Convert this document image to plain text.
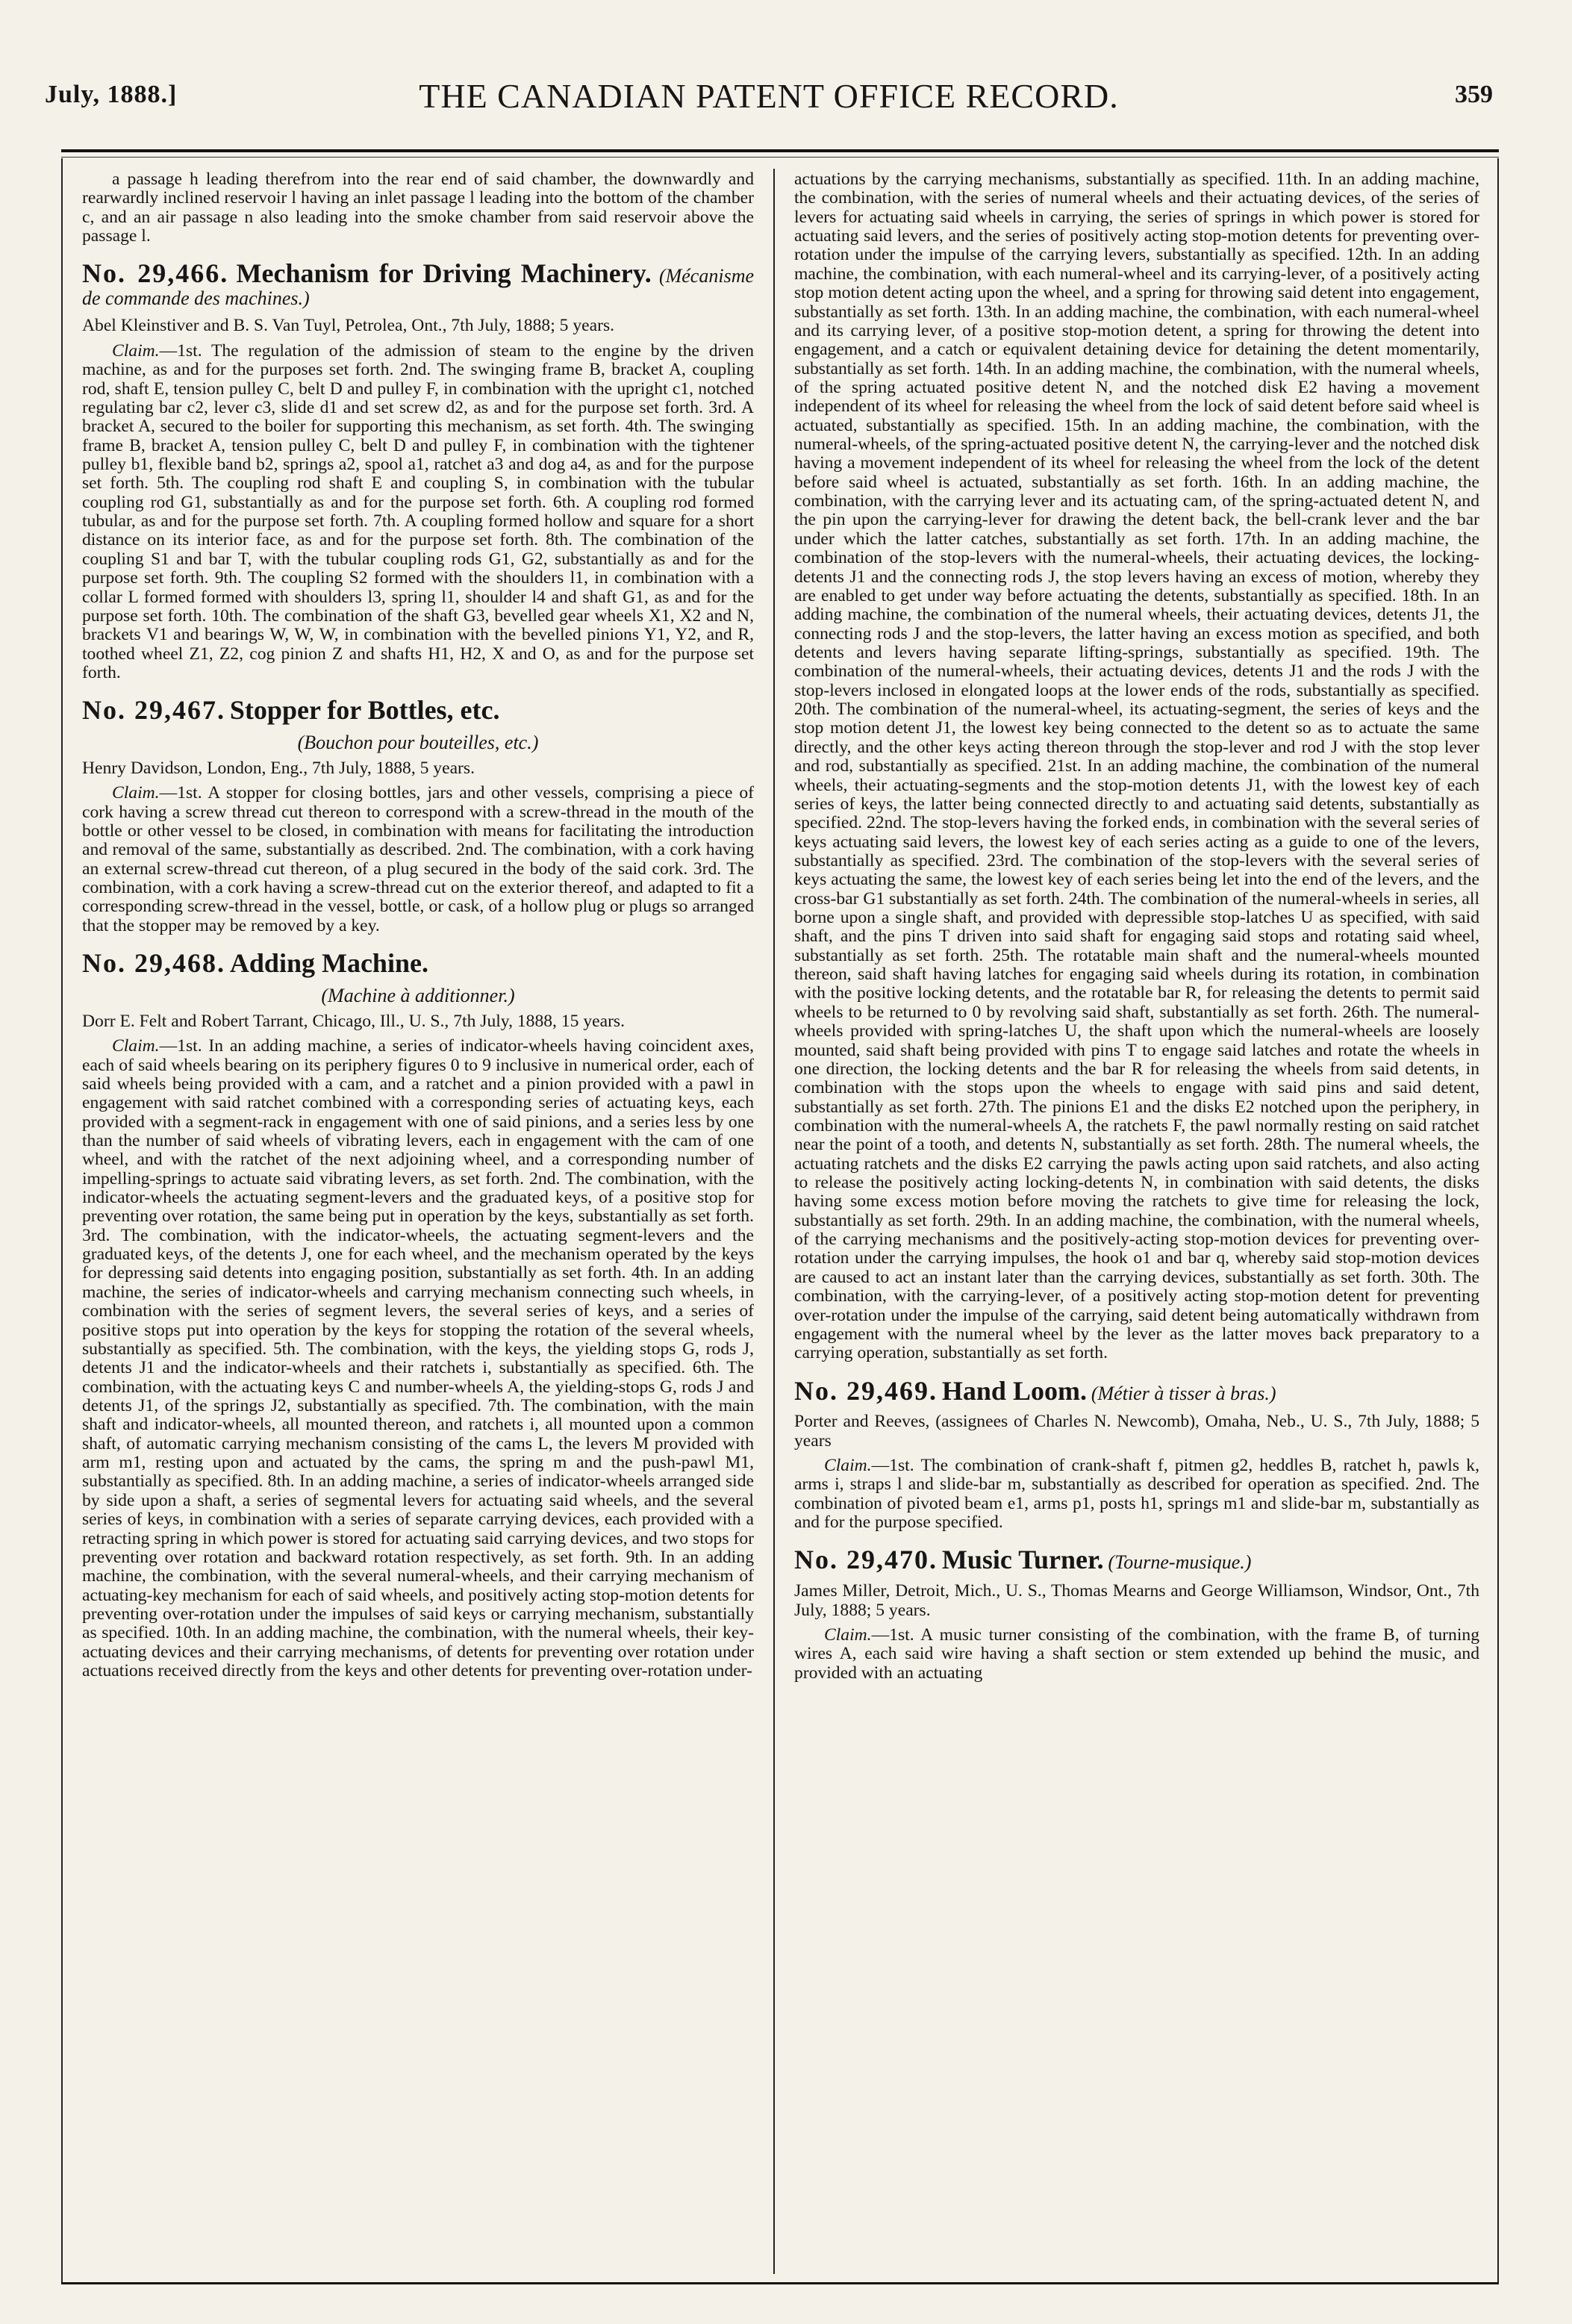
July, 1888.]	THE CANADIAN PATENT OFFICE RECORD.	359

a passage h leading therefrom into the rear end of said chamber, the downwardly and rearwardly inclined reservoir l having an inlet passage l leading into the bottom of the chamber c, and an air passage n also leading into the smoke chamber from said reservoir above the passage l.

No. 29,466. Mechanism for Driving Machinery. (Mécanisme de commande des machines.)

Abel Kleinstiver and B. S. Van Tuyl, Petrolea, Ont., 7th July, 1888; 5 years.

Claim.—1st. The regulation of the admission of steam to the engine by the driven machine, as and for the purposes set forth. 2nd. The swinging frame B, bracket A, coupling rod, shaft E, tension pulley C, belt D and pulley F, in combination with the upright c1, notched regulating bar c2, lever c3, slide d1 and set screw d2, as and for the purpose set forth. 3rd. A bracket A, secured to the boiler for supporting this mechanism, as set forth. 4th. The swinging frame B, bracket A, tension pulley C, belt D and pulley F, in combination with the tightener pulley b1, flexible band b2, springs a2, spool a1, ratchet a3 and dog a4, as and for the purpose set forth. 5th. The coupling rod shaft E and coupling S, in combination with the tubular coupling rod G1, substantially as and for the purpose set forth. 6th. A coupling rod formed tubular, as and for the purpose set forth. 7th. A coupling formed hollow and square for a short distance on its interior face, as and for the purpose set forth. 8th. The combination of the coupling S1 and bar T, with the tubular coupling rods G1, G2, substantially as and for the purpose set forth. 9th. The coupling S2 formed with the shoulders l1, in combination with a collar L formed formed with shoulders l3, spring l1, shoulder l4 and shaft G1, as and for the purpose set forth. 10th. The combination of the shaft G3, bevelled gear wheels X1, X2 and N, brackets V1 and bearings W, W, W, in combination with the bevelled pinions Y1, Y2, and R, toothed wheel Z1, Z2, cog pinion Z and shafts H1, H2, X and O, as and for the purpose set forth.

No. 29,467. Stopper for Bottles, etc.
(Bouchon pour bouteilles, etc.)

Henry Davidson, London, Eng., 7th July, 1888, 5 years.

Claim.—1st. A stopper for closing bottles, jars and other vessels, comprising a piece of cork having a screw thread cut thereon to correspond with a screw-thread in the mouth of the bottle or other vessel to be closed, in combination with means for facilitating the introduction and removal of the same, substantially as described. 2nd. The combination, with a cork having an external screw-thread cut thereon, of a plug secured in the body of the said cork. 3rd. The combination, with a cork having a screw-thread cut on the exterior thereof, and adapted to fit a corresponding screw-thread in the vessel, bottle, or cask, of a hollow plug or plugs so arranged that the stopper may be removed by a key.

No. 29,468. Adding Machine.
(Machine à additionner.)

Dorr E. Felt and Robert Tarrant, Chicago, Ill., U. S., 7th July, 1888, 15 years.

Claim.—1st. In an adding machine, a series of indicator-wheels having coincident axes, each of said wheels bearing on its periphery figures 0 to 9 inclusive in numerical order, each of said wheels being provided with a cam, and a ratchet and a pinion provided with a pawl in engagement with said ratchet combined with a corresponding series of actuating keys, each provided with a segment-rack in engagement with one of said pinions, and a series less by one than the number of said wheels of vibrating levers, each in engagement with the cam of one wheel, and with the ratchet of the next adjoining wheel, and a corresponding number of impelling-springs to actuate said vibrating levers, as set forth. 2nd. The combination, with the indicator-wheels the actuating segment-levers and the graduated keys, of a positive stop for preventing over rotation, the same being put in operation by the keys, substantially as set forth. 3rd. The combination, with the indicator-wheels, the actuating segment-levers and the graduated keys, of the detents J, one for each wheel, and the mechanism operated by the keys for depressing said detents into engaging position, substantially as set forth. 4th. In an adding machine, the series of indicator-wheels and carrying mechanism connecting such wheels, in combination with the series of segment levers, the several series of keys, and a series of positive stops put into operation by the keys for stopping the rotation of the several wheels, substantially as specified. 5th. The combination, with the keys, the yielding stops G, rods J, detents J1 and the indicator-wheels and their ratchets i, substantially as specified. 6th. The combination, with the actuating keys C and number-wheels A, the yielding-stops G, rods J and detents J1, of the springs J2, substantially as specified. 7th. The combination, with the main shaft and indicator-wheels, all mounted thereon, and ratchets i, all mounted upon a common shaft, of automatic carrying mechanism consisting of the cams L, the levers M provided with arm m1, resting upon and actuated by the cams, the spring m and the push-pawl M1, substantially as specified. 8th. In an adding machine, a series of indicator-wheels arranged side by side upon a shaft, a series of segmental levers for actuating said wheels, and the several series of keys, in combination with a series of separate carrying devices, each provided with a retracting spring in which power is stored for actuating said carrying devices, and two stops for preventing over rotation and backward rotation respectively, as set forth. 9th. In an adding machine, the combination, with the several numeral-wheels, and their carrying mechanism of actuating-key mechanism for each of said wheels, and positively acting stop-motion detents for preventing over-rotation under the impulses of said keys or carrying mechanism, substantially as specified. 10th. In an adding machine, the combination, with the numeral wheels, their key-actuating devices and their carrying mechanisms, of detents for preventing over rotation under actuations received directly from the keys and other detents for preventing over-rotation under-

actuations by the carrying mechanisms, substantially as specified. 11th. In an adding machine, the combination, with the series of numeral wheels and their actuating devices, of the series of levers for actuating said wheels in carrying, the series of springs in which power is stored for actuating said levers, and the series of positively acting stop-motion detents for preventing over-rotation under the impulse of the carrying levers, substantially as specified. 12th. In an adding machine, the combination, with each numeral-wheel and its carrying-lever, of a positively acting stop motion detent acting upon the wheel, and a spring for throwing said detent into engagement, substantially as set forth. 13th. In an adding machine, the combination, with each numeral-wheel and its carrying lever, of a positive stop-motion detent, a spring for throwing the detent into engagement, and a catch or equivalent detaining device for detaining the detent momentarily, substantially as set forth. 14th. In an adding machine, the combination, with the numeral wheels, of the spring actuated positive detent N, and the notched disk E2 having a movement independent of its wheel for releasing the wheel from the lock of said detent before said wheel is actuated, substantially as specified. 15th. In an adding machine, the combination, with the numeral-wheels, of the spring-actuated positive detent N, the carrying-lever and the notched disk having a movement independent of its wheel for releasing the wheel from the lock of the detent before said wheel is actuated, substantially as set forth. 16th. In an adding machine, the combination, with the carrying lever and its actuating cam, of the spring-actuated detent N, and the pin upon the carrying-lever for drawing the detent back, the bell-crank lever and the bar under which the latter catches, substantially as set forth. 17th. In an adding machine, the combination of the stop-levers with the numeral-wheels, their actuating devices, the locking-detents J1 and the connecting rods J, the stop levers having an excess of motion, whereby they are enabled to get under way before actuating the detents, substantially as specified. 18th. In an adding machine, the combination of the numeral wheels, their actuating devices, detents J1, the connecting rods J and the stop-levers, the latter having an excess motion as specified, and both detents and levers having separate lifting-springs, substantially as specified. 19th. The combination of the numeral-wheels, their actuating devices, detents J1 and the rods J with the stop-levers inclosed in elongated loops at the lower ends of the rods, substantially as specified. 20th. The combination of the numeral-wheel, its actuating-segment, the series of keys and the stop motion detent J1, the lowest key being connected to the detent so as to actuate the same directly, and the other keys acting thereon through the stop-lever and rod J with the stop lever and rod, substantially as specified. 21st. In an adding machine, the combination of the numeral wheels, their actuating-segments and the stop-motion detents J1, with the lowest key of each series of keys, the latter being connected directly to and actuating said detents, substantially as specified. 22nd. The stop-levers having the forked ends, in combination with the several series of keys actuating said levers, the lowest key of each series acting as a guide to one of the levers, substantially as specified. 23rd. The combination of the stop-levers with the several series of keys actuating the same, the lowest key of each series being let into the end of the levers, and the cross-bar G1 substantially as set forth. 24th. The combination of the numeral-wheels in series, all borne upon a single shaft, and provided with depressible stop-latches U as specified, with said shaft, and the pins T driven into said shaft for engaging said stops and rotating said wheel, substantially as set forth. 25th. The rotatable main shaft and the numeral-wheels mounted thereon, said shaft having latches for engaging said wheels during its rotation, in combination with the positive locking detents, and the rotatable bar R, for releasing the detents to permit said wheels to be returned to 0 by revolving said shaft, substantially as set forth. 26th. The numeral-wheels provided with spring-latches U, the shaft upon which the numeral-wheels are loosely mounted, said shaft being provided with pins T to engage said latches and rotate the wheels in one direction, the locking detents and the bar R for releasing the wheels from said detents, in combination with the stops upon the wheels to engage with said pins and said detent, substantially as set forth. 27th. The pinions E1 and the disks E2 notched upon the periphery, in combination with the numeral-wheels A, the ratchets F, the pawl normally resting on said ratchet near the point of a tooth, and detents N, substantially as set forth. 28th. The numeral wheels, the actuating ratchets and the disks E2 carrying the pawls acting upon said ratchets, and also acting to release the positively acting locking-detents N, in combination with said detents, the disks having some excess motion before moving the ratchets to give time for releasing the lock, substantially as set forth. 29th. In an adding machine, the combination, with the numeral wheels, of the carrying mechanisms and the positively-acting stop-motion devices for preventing over-rotation under the carrying impulses, the hook o1 and bar q, whereby said stop-motion devices are caused to act an instant later than the carrying devices, substantially as set forth. 30th. The combination, with the carrying-lever, of a positively acting stop-motion detent for preventing over-rotation under the impulse of the carrying, said detent being automatically withdrawn from engagement with the numeral wheel by the lever as the latter moves back preparatory to a carrying operation, substantially as set forth.

No. 29,469. Hand Loom. (Métier à tisser à bras.)

Porter and Reeves, (assignees of Charles N. Newcomb), Omaha, Neb., U. S., 7th July, 1888; 5 years

Claim.—1st. The combination of crank-shaft f, pitmen g2, heddles B, ratchet h, pawls k, arms i, straps l and slide-bar m, substantially as described for operation as specified. 2nd. The combination of pivoted beam e1, arms p1, posts h1, springs m1 and slide-bar m, substantially as and for the purpose specified.

No. 29,470. Music Turner. (Tourne-musique.)

James Miller, Detroit, Mich., U. S., Thomas Mearns and George Williamson, Windsor, Ont., 7th July, 1888; 5 years.

Claim.—1st. A music turner consisting of the combination, with the frame B, of turning wires A, each said wire having a shaft section or stem extended up behind the music, and provided with an actuating
